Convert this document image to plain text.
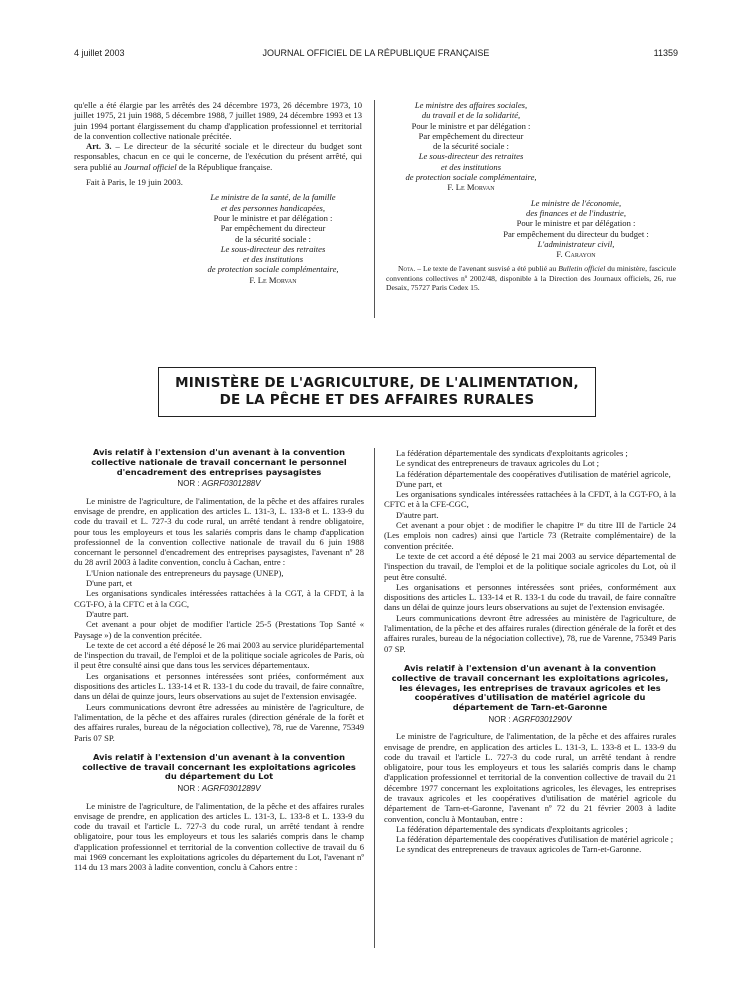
4 juillet 2003	JOURNAL OFFICIEL DE LA RÉPUBLIQUE FRANÇAISE	11359

qu'elle a été élargie par les arrêtés des 24 décembre 1973, 26 décembre 1973, 10 juillet 1975, 21 juin 1988, 5 décembre 1988, 7 juillet 1989, 24 décembre 1993 et 13 juin 1994 portant élargissement du champ d'application professionnel et territorial de la convention collective nationale précitée.

Art. 3. – Le directeur de la sécurité sociale et le directeur du budget sont responsables, chacun en ce qui le concerne, de l'exécution du présent arrêté, qui sera publié au Journal officiel de la République française.

Fait à Paris, le 19 juin 2003.

Le ministre de la santé, de la famille
et des personnes handicapées,
Pour le ministre et par délégation :
Par empêchement du directeur
de la sécurité sociale :
Le sous-directeur des retraites
et des institutions
de protection sociale complémentaire,
F. Le Morvan
Le ministre des affaires sociales,
du travail et de la solidarité,
Pour le ministre et par délégation :
Par empêchement du directeur
de la sécurité sociale :
Le sous-directeur des retraites
et des institutions
de protection sociale complémentaire,
F. Le Morvan
Le ministre de l'économie,
des finances et de l'industrie,
Pour le ministre et par délégation :
Par empêchement du directeur du budget :
L'administrateur civil,
F. Carayon

Nota. – Le texte de l'avenant susvisé a été publié au Bulletin officiel du ministère, fascicule conventions collectives nº 2002/48, disponible à la Direction des Journaux officiels, 26, rue Desaix, 75727 Paris Cedex 15.

MINISTÈRE DE L'AGRICULTURE, DE L'ALIMENTATION,
DE LA PÊCHE ET DES AFFAIRES RURALES
Avis relatif à l'extension d'un avenant à la convention collective nationale de travail concernant le personnel d'encadrement des entreprises paysagistes
NOR : AGRF0301288V

Le ministre de l'agriculture, de l'alimentation, de la pêche et des affaires rurales envisage de prendre, en application des articles L. 131-3, L. 133-8 et L. 133-9 du code du travail et L. 727-3 du code rural, un arrêté tendant à rendre obligatoire, pour tous les employeurs et tous les salariés compris dans le champ d'application professionnel de la convention collective nationale de travail du 6 juin 1988 concernant le personnel d'encadrement des entreprises paysagistes, l'avenant nº 28 du 28 avril 2003 à ladite convention, conclu à Cachan, entre :

L'Union nationale des entrepreneurs du paysage (UNEP),

D'une part, et

Les organisations syndicales intéressées rattachées à la CGT, à la CFDT, à la CGT-FO, à la CFTC et à la CGC,

D'autre part.

Cet avenant a pour objet de modifier l'article 25-5 (Prestations Top Santé « Paysage ») de la convention précitée.

Le texte de cet accord a été déposé le 26 mai 2003 au service pluridépartemental de l'inspection du travail, de l'emploi et de la politique sociale agricoles de Paris, où il peut être consulté ainsi que dans tous les services départementaux.

Les organisations et personnes intéressées sont priées, conformément aux dispositions des articles L. 133-14 et R. 133-1 du code du travail, de faire connaître, dans un délai de quinze jours, leurs observations au sujet de l'extension envisagée.

Leurs communications devront être adressées au ministère de l'agriculture, de l'alimentation, de la pêche et des affaires rurales (direction générale de la forêt et des affaires rurales, bureau de la négociation collective), 78, rue de Varenne, 75349 Paris 07 SP.

Avis relatif à l'extension d'un avenant à la convention collective de travail concernant les exploitations agricoles du département du Lot
NOR : AGRF0301289V

Le ministre de l'agriculture, de l'alimentation, de la pêche et des affaires rurales envisage de prendre, en application des articles L. 131-3, L. 133-8 et L. 133-9 du code du travail et l'article L. 727-3 du code rural, un arrêté tendant à rendre obligatoire, pour tous les employeurs et tous les salariés compris dans le champ d'application professionnel et territorial de la convention collective de travail du 6 mai 1969 concernant les exploitations agricoles du département du Lot, l'avenant nº 114 du 13 mars 2003 à ladite convention, conclu à Cahors entre :

La fédération départementale des syndicats d'exploitants agricoles ;

Le syndicat des entrepreneurs de travaux agricoles du Lot ;

La fédération départementale des coopératives d'utilisation de matériel agricole,

D'une part, et

Les organisations syndicales intéressées rattachées à la CFDT, à la CGT-FO, à la CFTC et à la CFE-CGC,

D'autre part.

Cet avenant a pour objet : de modifier le chapitre Iᵉʳ du titre III de l'article 24 (Les emplois non cadres) ainsi que l'article 73 (Retraite complémentaire) de la convention précitée.

Le texte de cet accord a été déposé le 21 mai 2003 au service départemental de l'inspection du travail, de l'emploi et de la politique sociale agricoles du Lot, où il peut être consulté.

Les organisations et personnes intéressées sont priées, conformément aux dispositions des articles L. 133-14 et R. 133-1 du code du travail, de faire connaître dans un délai de quinze jours leurs observations au sujet de l'extension envisagée.

Leurs communications devront être adressées au ministère de l'agriculture, de l'alimentation, de la pêche et des affaires rurales (direction générale de la forêt et des affaires rurales, bureau de la négociation collective), 78, rue de Varenne, 75349 Paris 07 SP.

Avis relatif à l'extension d'un avenant à la convention collective de travail concernant les exploitations agricoles, les élevages, les entreprises de travaux agricoles et les coopératives d'utilisation de matériel agricole du département de Tarn-et-Garonne
NOR : AGRF0301290V

Le ministre de l'agriculture, de l'alimentation, de la pêche et des affaires rurales envisage de prendre, en application des articles L. 131-3, L. 133-8 et L. 133-9 du code du travail et l'article L. 727-3 du code rural, un arrêté tendant à rendre obligatoire, pour tous les employeurs et tous les salariés compris dans le champ d'application professionnel et territorial de la convention collective de travail du 21 décembre 1977 concernant les exploitations agricoles, les élevages, les entreprises de travaux agricoles et les coopératives d'utilisation de matériel agricole du département de Tarn-et-Garonne, l'avenant nº 72 du 21 février 2003 à ladite convention, conclu à Montauban, entre :

La fédération départementale des syndicats d'exploitants agricoles ;

La fédération départementale des coopératives d'utilisation de matériel agricole ;

Le syndicat des entrepreneurs de travaux agricoles de Tarn-et-Garonne.
